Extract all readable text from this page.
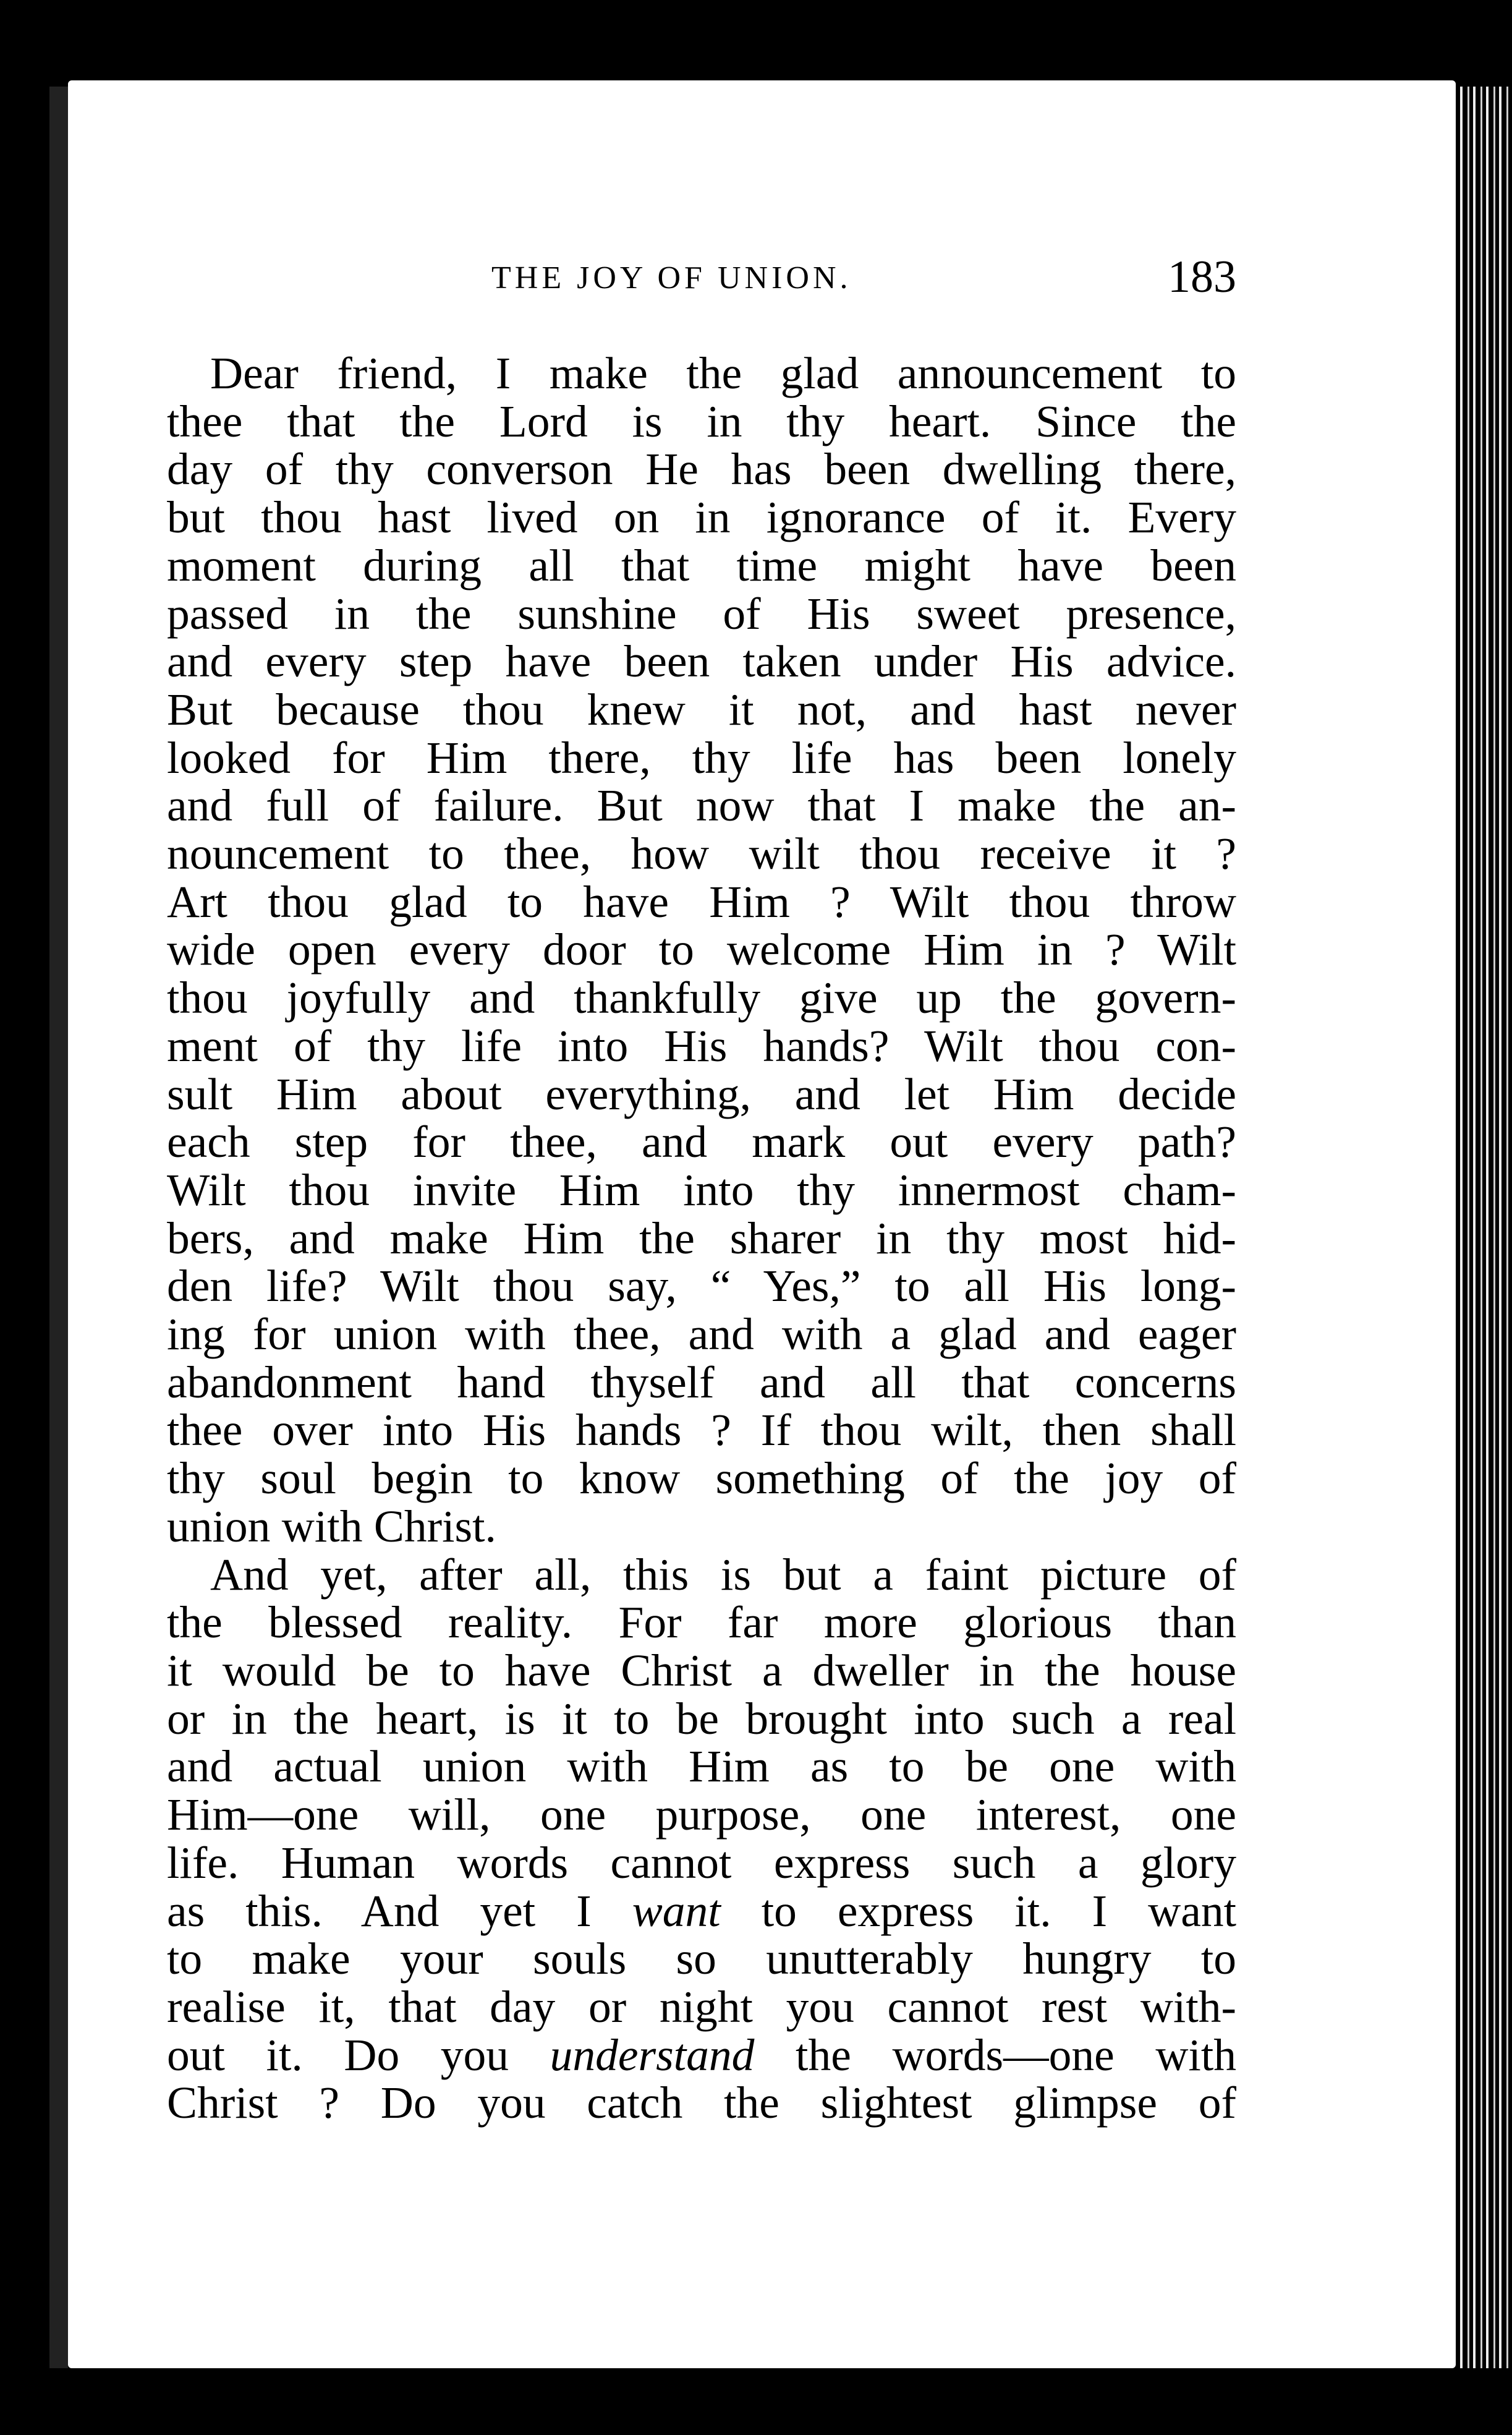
THE JOY OF UNION.	183
Dear friend, I make the glad announcement to
thee that the Lord is in thy heart. Since the
day of thy converson He has been dwelling there,
but thou hast lived on in ignorance of it. Every
moment during all that time might have been
passed in the sunshine of His sweet presence,
and every step have been taken under His advice.
But because thou knew it not, and hast never
looked for Him there, thy life has been lonely
and full of failure. But now that I make the an-
nouncement to thee, how wilt thou receive it ?
Art thou glad to have Him ? Wilt thou throw
wide open every door to welcome Him in ? Wilt
thou joyfully and thankfully give up the govern-
ment of thy life into His hands? Wilt thou con-
sult Him about everything, and let Him decide
each step for thee, and mark out every path?
Wilt thou invite Him into thy innermost cham-
bers, and make Him the sharer in thy most hid-
den life? Wilt thou say, “ Yes,” to all His long-
ing for union with thee, and with a glad and eager
abandonment hand thyself and all that concerns
thee over into His hands ? If thou wilt, then shall
thy soul begin to know something of the joy of
union with Christ.
And yet, after all, this is but a faint picture of
the blessed reality. For far more glorious than
it would be to have Christ a dweller in the house
or in the heart, is it to be brought into such a real
and actual union with Him as to be one with
Him—one will, one purpose, one interest, one
life. Human words cannot express such a glory
as this. And yet I want to express it. I want
to make your souls so unutterably hungry to
realise it, that day or night you cannot rest with-
out it. Do you understand the words—one with
Christ ? Do you catch the slightest glimpse of
